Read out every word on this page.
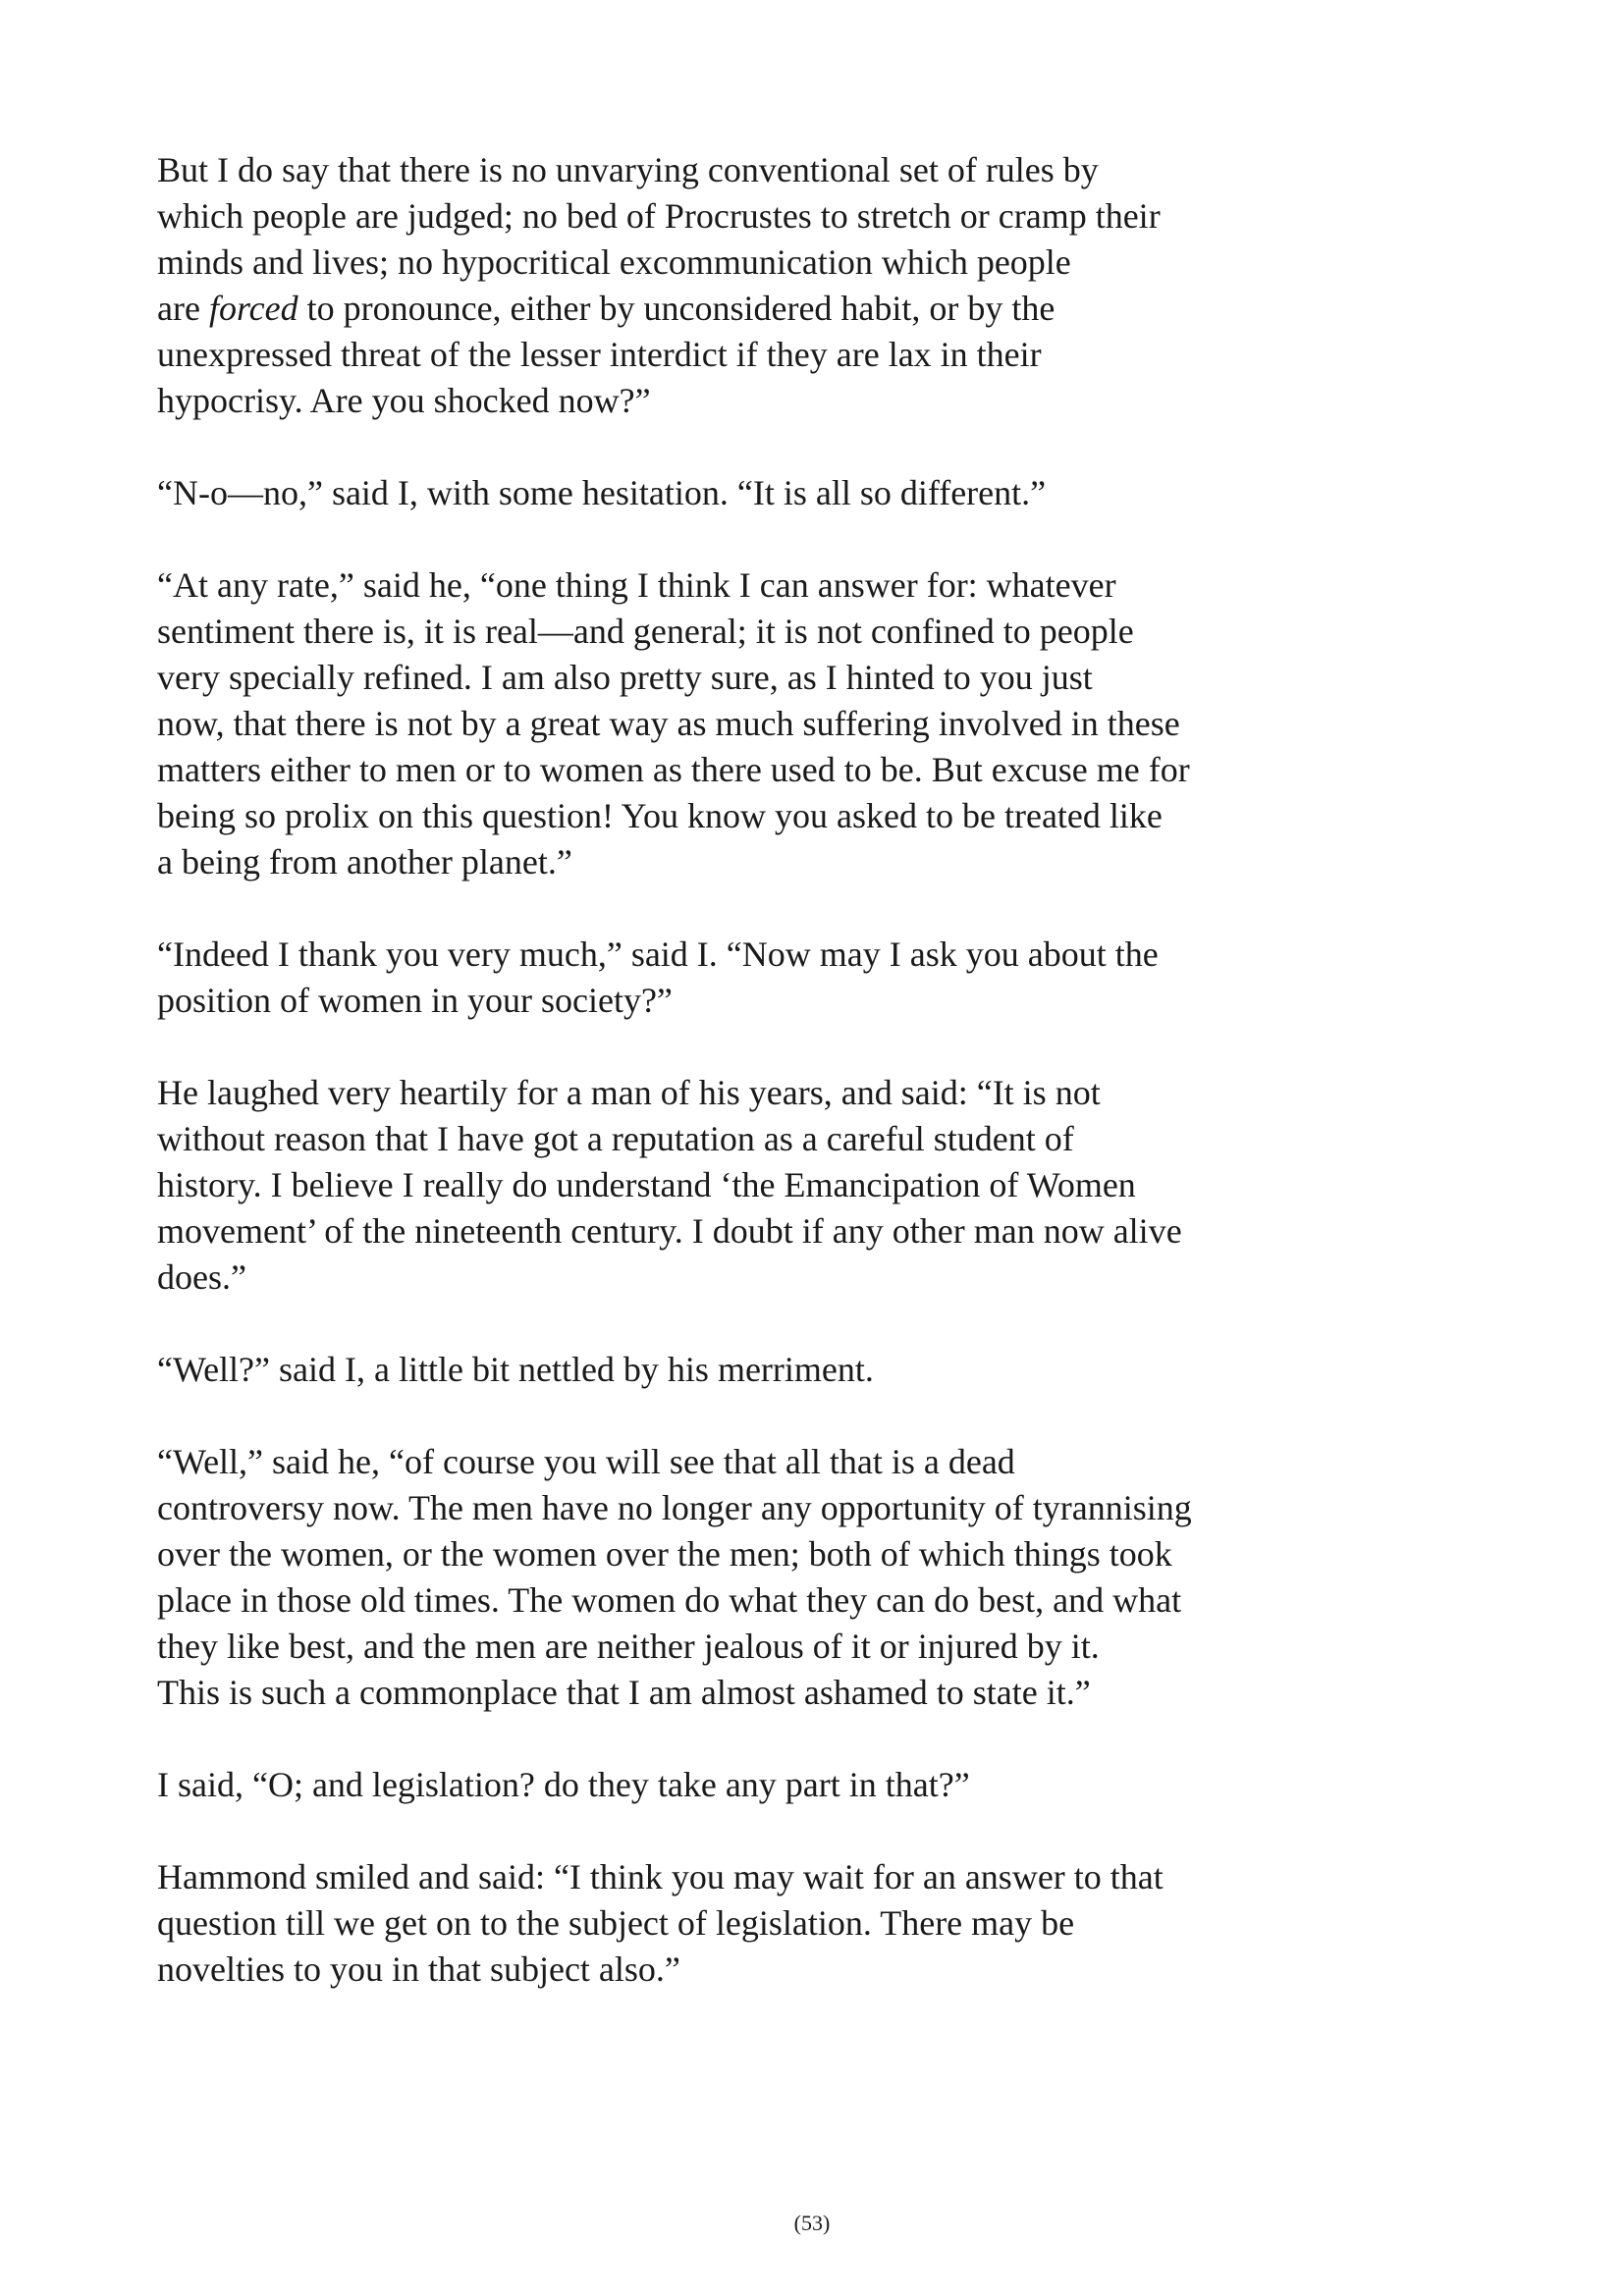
But I do say that there is no unvarying conventional set of rules by
which people are judged; no bed of Procrustes to stretch or cramp their
minds and lives; no hypocritical excommunication which people
are forced to pronounce, either by unconsidered habit, or by the
unexpressed threat of the lesser interdict if they are lax in their
hypocrisy. Are you shocked now?”
“N-o—no,” said I, with some hesitation. “It is all so different.”
“At any rate,” said he, “one thing I think I can answer for: whatever
sentiment there is, it is real—and general; it is not confined to people
very specially refined. I am also pretty sure, as I hinted to you just
now, that there is not by a great way as much suffering involved in these
matters either to men or to women as there used to be. But excuse me for
being so prolix on this question! You know you asked to be treated like
a being from another planet.”
“Indeed I thank you very much,” said I. “Now may I ask you about the
position of women in your society?”
He laughed very heartily for a man of his years, and said: “It is not
without reason that I have got a reputation as a careful student of
history. I believe I really do understand ‘the Emancipation of Women
movement’ of the nineteenth century. I doubt if any other man now alive
does.”
“Well?” said I, a little bit nettled by his merriment.
“Well,” said he, “of course you will see that all that is a dead
controversy now. The men have no longer any opportunity of tyrannising
over the women, or the women over the men; both of which things took
place in those old times. The women do what they can do best, and what
they like best, and the men are neither jealous of it or injured by it.
This is such a commonplace that I am almost ashamed to state it.”
I said, “O; and legislation? do they take any part in that?”
Hammond smiled and said: “I think you may wait for an answer to that
question till we get on to the subject of legislation. There may be
novelties to you in that subject also.”
(53)
